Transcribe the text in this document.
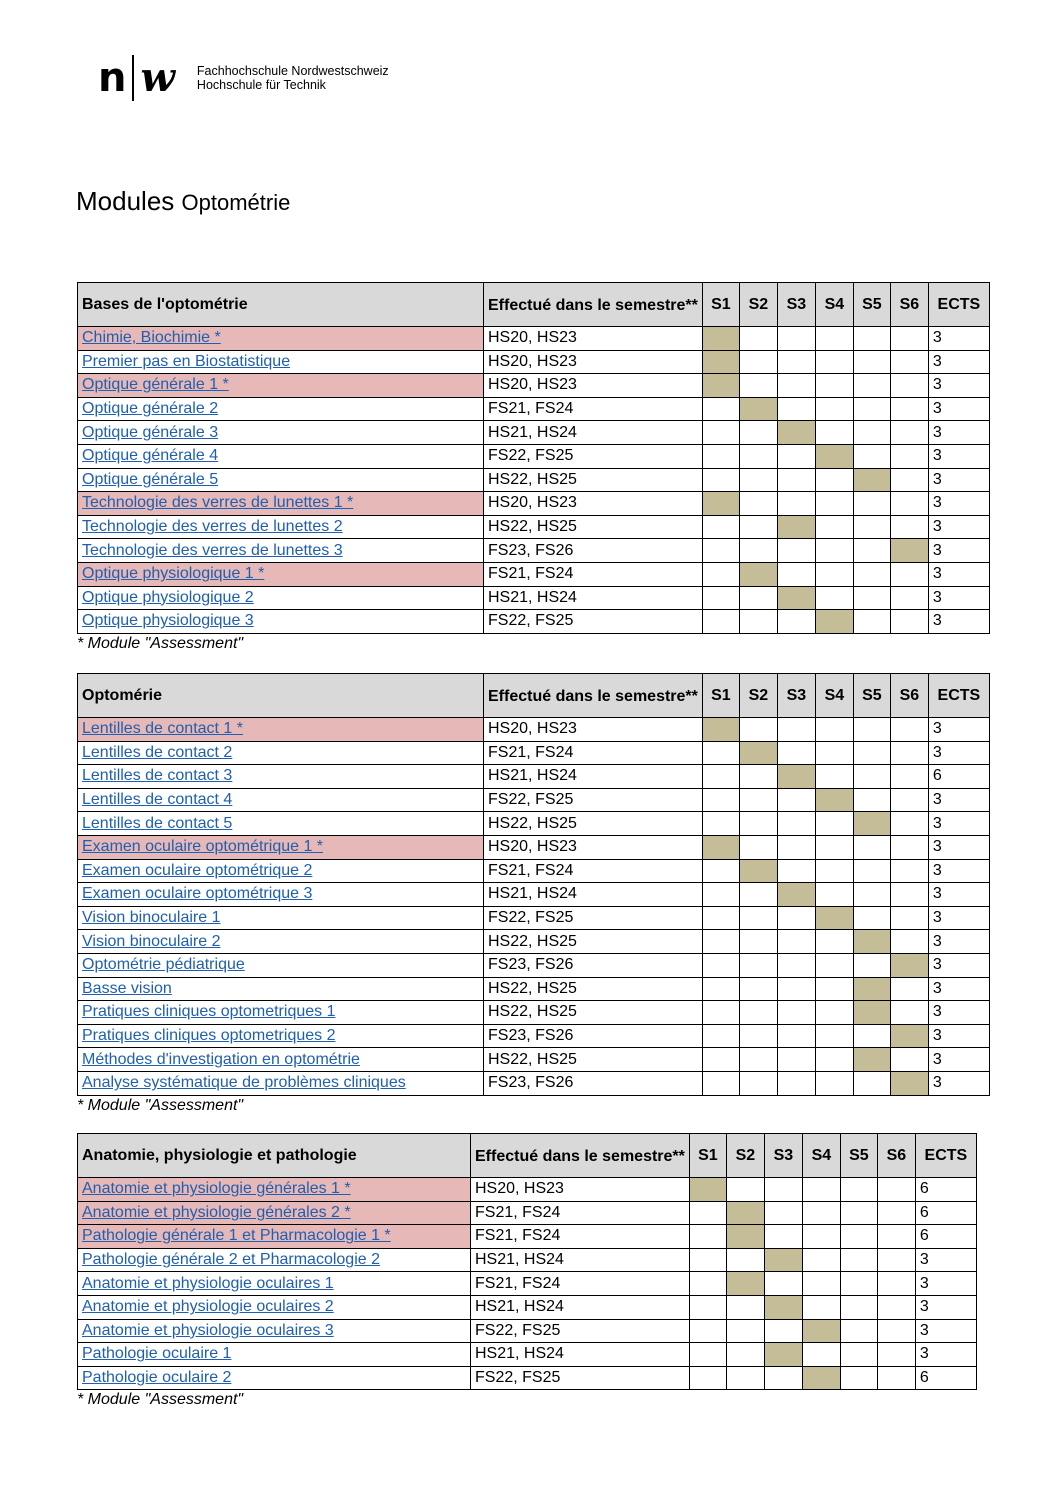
n w Fachhochschule Nordwestschweiz
Hochschule für Technik
Modules Optométrie
Bases de l'optométrie	Effectué dans le semestre**	S1	S2	S3	S4	S5	S6	ECTS
Chimie, Biochimie *	HS20, HS23							3
Premier pas en Biostatistique	HS20, HS23							3
Optique générale 1 *	HS20, HS23							3
Optique générale 2	FS21, FS24							3
Optique générale 3	HS21, HS24							3
Optique générale 4	FS22, FS25							3
Optique générale 5	HS22, HS25							3
Technologie des verres de lunettes 1 *	HS20, HS23							3
Technologie des verres de lunettes 2	HS22, HS25							3
Technologie des verres de lunettes 3	FS23, FS26							3
Optique physiologique 1 *	FS21, FS24							3
Optique physiologique 2	HS21, HS24							3
Optique physiologique 3	FS22, FS25							3
* Module "Assessment"
Optomérie	Effectué dans le semestre**	S1	S2	S3	S4	S5	S6	ECTS
Lentilles de contact 1 *	HS20, HS23							3
Lentilles de contact 2	FS21, FS24							3
Lentilles de contact 3	HS21, HS24							6
Lentilles de contact 4	FS22, FS25							3
Lentilles de contact 5	HS22, HS25							3
Examen oculaire optométrique 1 *	HS20, HS23							3
Examen oculaire optométrique 2	FS21, FS24							3
Examen oculaire optométrique 3	HS21, HS24							3
Vision binoculaire 1	FS22, FS25							3
Vision binoculaire 2	HS22, HS25							3
Optométrie pédiatrique	FS23, FS26							3
Basse vision	HS22, HS25							3
Pratiques cliniques optometriques 1	HS22, HS25							3
Pratiques cliniques optometriques 2	FS23, FS26							3
Méthodes d'investigation en optométrie	HS22, HS25							3
Analyse systématique de problèmes cliniques	FS23, FS26							3
* Module "Assessment"
Anatomie, physiologie et pathologie	Effectué dans le semestre**	S1	S2	S3	S4	S5	S6	ECTS
Anatomie et physiologie générales 1 *	HS20, HS23							6
Anatomie et physiologie générales 2 *	FS21, FS24							6
Pathologie générale 1 et Pharmacologie 1 *	FS21, FS24							6
Pathologie générale 2 et Pharmacologie 2	HS21, HS24							3
Anatomie et physiologie oculaires 1	FS21, FS24							3
Anatomie et physiologie oculaires 2	HS21, HS24							3
Anatomie et physiologie oculaires 3	FS22, FS25							3
Pathologie oculaire 1	HS21, HS24							3
Pathologie oculaire 2	FS22, FS25							6
* Module "Assessment"
